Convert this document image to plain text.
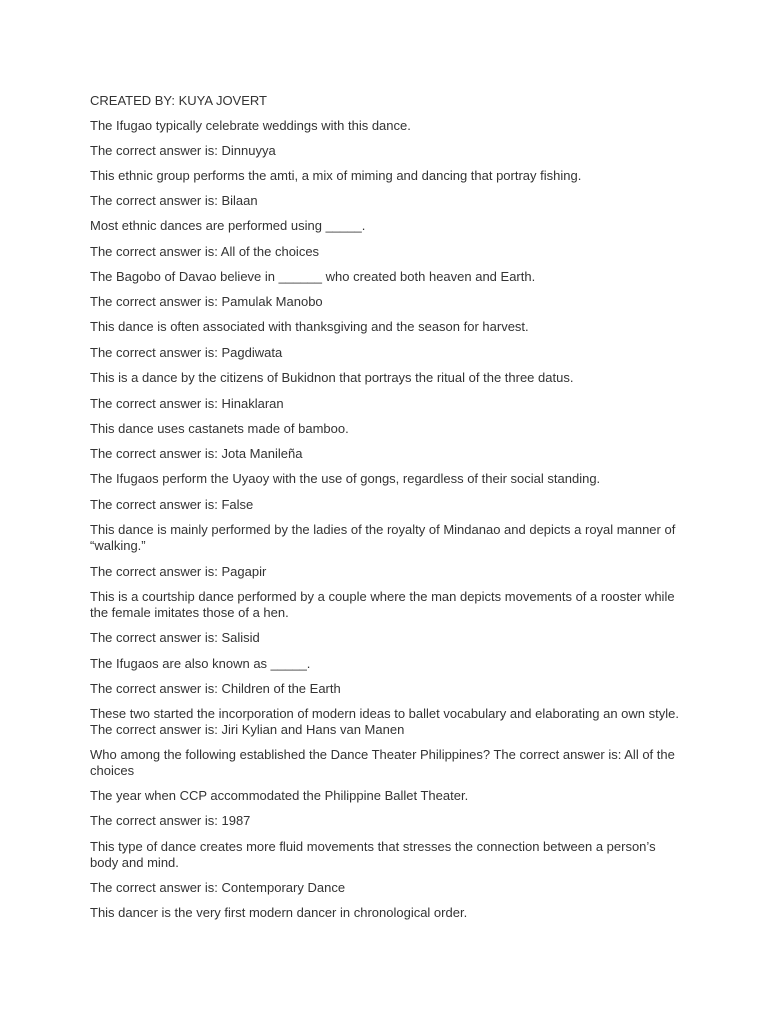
CREATED BY: KUYA JOVERT

The Ifugao typically celebrate weddings with this dance.

The correct answer is: Dinnuyya

This ethnic group performs the amti, a mix of miming and dancing that portray fishing.

The correct answer is: Bilaan

Most ethnic dances are performed using _____.

The correct answer is: All of the choices

The Bagobo of Davao believe in ______ who created both heaven and Earth.

The correct answer is: Pamulak Manobo

This dance is often associated with thanksgiving and the season for harvest.

The correct answer is: Pagdiwata

This is a dance by the citizens of Bukidnon that portrays the ritual of the three datus.

The correct answer is: Hinaklaran

This dance uses castanets made of bamboo.

The correct answer is: Jota Manileña

The Ifugaos perform the Uyaoy with the use of gongs, regardless of their social standing.

The correct answer is: False

This dance is mainly performed by the ladies of the royalty of Mindanao and depicts a royal manner of “walking.”

The correct answer is: Pagapir

This is a courtship dance performed by a couple where the man depicts movements of a rooster while the female imitates those of a hen.

The correct answer is: Salisid

The Ifugaos are also known as _____.

The correct answer is: Children of the Earth

These two started the incorporation of modern ideas to ballet vocabulary and elaborating an own style. The correct answer is: Jiri Kylian and Hans van Manen

Who among the following established the Dance Theater Philippines? The correct answer is: All of the choices

The year when CCP accommodated the Philippine Ballet Theater.

The correct answer is: 1987

This type of dance creates more fluid movements that stresses the connection between a person’s body and mind.

The correct answer is: Contemporary Dance

This dancer is the very first modern dancer in chronological order.
